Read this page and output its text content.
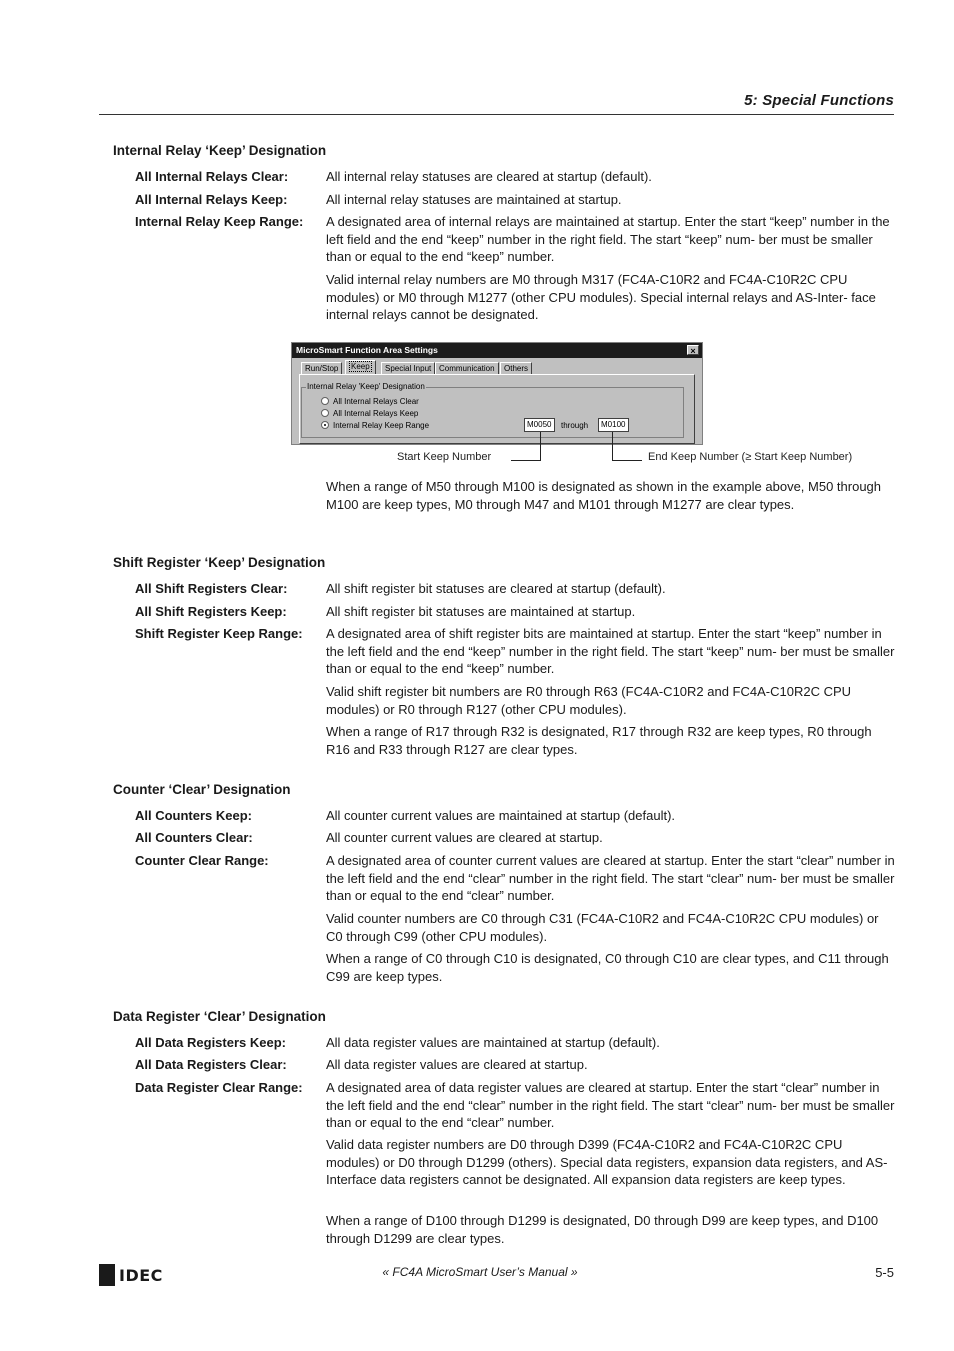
5: Special Functions
Internal Relay ‘Keep’ Designation
All Internal Relays Clear:	All internal relay statuses are cleared at startup (default).
All Internal Relays Keep:	All internal relay statuses are maintained at startup.
Internal Relay Keep Range: A designated area of internal relays are maintained at startup. Enter the start “keep” number in the left field and the end “keep” number in the right field. The start “keep” num- ber must be smaller than or equal to the end “keep” number.
Valid internal relay numbers are M0 through M317 (FC4A-C10R2 and FC4A-C10R2C CPU modules) or M0 through M1277 (other CPU modules). Special internal relays and AS-Inter- face internal relays cannot be designated.
MicroSmart Function Area Settings	×
Run/Stop	Keep	Special Input Communication	Others
Internal Relay 'Keep' Designation
All Internal Relays Clear
All Internal Relays Keep
Internal Relay Keep Range	M0050	through	M0100
Start Keep Number	End Keep Number (≥ Start Keep Number)
When a range of M50 through M100 is designated as shown in the example above, M50 through M100 are keep types, M0 through M47 and M101 through M1277 are clear types.
Shift Register ‘Keep’ Designation
All Shift Registers Clear:	All shift register bit statuses are cleared at startup (default).
All Shift Registers Keep:	All shift register bit statuses are maintained at startup.
Shift Register Keep Range: A designated area of shift register bits are maintained at startup. Enter the start “keep” number in the left field and the end “keep” number in the right field. The start “keep” num- ber must be smaller than or equal to the end “keep” number.
Valid shift register bit numbers are R0 through R63 (FC4A-C10R2 and FC4A-C10R2C CPU modules) or R0 through R127 (other CPU modules).
When a range of R17 through R32 is designated, R17 through R32 are keep types, R0 through R16 and R33 through R127 are clear types.
Counter ‘Clear’ Designation
All Counters Keep:	All counter current values are maintained at startup (default).
All Counters Clear:	All counter current values are cleared at startup.
Counter Clear Range:	A designated area of counter current values are cleared at startup. Enter the start “clear” number in the left field and the end “clear” number in the right field. The start “clear” num- ber must be smaller than or equal to the end “clear” number.
Valid counter numbers are C0 through C31 (FC4A-C10R2 and FC4A-C10R2C CPU modules) or C0 through C99 (other CPU modules).
When a range of C0 through C10 is designated, C0 through C10 are clear types, and C11 through C99 are keep types.
Data Register ‘Clear’ Designation
All Data Registers Keep:	All data register values are maintained at startup (default).
All Data Registers Clear:	All data register values are cleared at startup.
Data Register Clear Range: A designated area of data register values are cleared at startup. Enter the start “clear” number in the left field and the end “clear” number in the right field. The start “clear” num- ber must be smaller than or equal to the end “clear” number.
Valid data register numbers are D0 through D399 (FC4A-C10R2 and FC4A-C10R2C CPU modules) or D0 through D1299 (others). Special data registers, expansion data registers, and AS-Interface data registers cannot be designated. All expansion data registers are keep types.
When a range of D100 through D1299 is designated, D0 through D99 are keep types, and D100 through D1299 are clear types.
IDEC	« FC4A MicroSmart User’s Manual »	5-5
